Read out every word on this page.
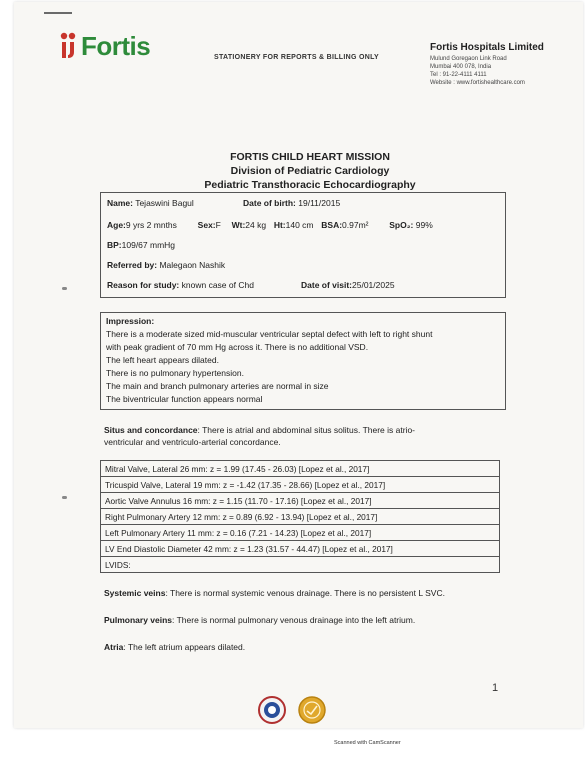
Fortis	STATIONERY FOR REPORTS & BILLING ONLY
Fortis Hospitals Limited
Mulund Goregaon Link Road
Mumbai 400 078, India
Tel : 91-22-4111 4111
Website : www.fortishealthcare.com
FORTIS CHILD HEART MISSION
Division of Pediatric Cardiology
Pediatric Transthoracic Echocardiography
Name: Tejaswini Bagul	Date of birth: 19/11/2015
Age:9 yrs 2 mnths Sex:F Wt:24 kg Ht:140 cm BSA:0.97m² SpO₂: 99%
BP:109/67 mmHg
Referred by: Malegaon Nashik
Reason for study: known case of Chd	Date of visit:25/01/2025
Impression:
There is a moderate sized mid-muscular ventricular septal defect with left to right shunt
with peak gradient of 70 mm Hg across it. There is no additional VSD.
The left heart appears dilated.
There is no pulmonary hypertension.
The main and branch pulmonary arteries are normal in size
The biventricular function appears normal
Situs and concordance: There is atrial and abdominal situs solitus. There is atrio-
ventricular and ventriculo-arterial concordance.
Mitral Valve, Lateral 26 mm: z = 1.99 (17.45 - 26.03) [Lopez et al., 2017]
Tricuspid Valve, Lateral 19 mm: z = -1.42 (17.35 - 28.66) [Lopez et al., 2017]
Aortic Valve Annulus 16 mm: z = 1.15 (11.70 - 17.16) [Lopez et al., 2017]
Right Pulmonary Artery 12 mm: z = 0.89 (6.92 - 13.94) [Lopez et al., 2017]
Left Pulmonary Artery 11 mm: z = 0.16 (7.21 - 14.23) [Lopez et al., 2017]
LV End Diastolic Diameter 42 mm: z = 1.23 (31.57 - 44.47) [Lopez et al., 2017]
LVIDS:
Systemic veins: There is normal systemic venous drainage. There is no persistent L SVC.
Pulmonary veins: There is normal pulmonary venous drainage into the left atrium.
Atria: The left atrium appears dilated.
1
Scanned with CamScanner
